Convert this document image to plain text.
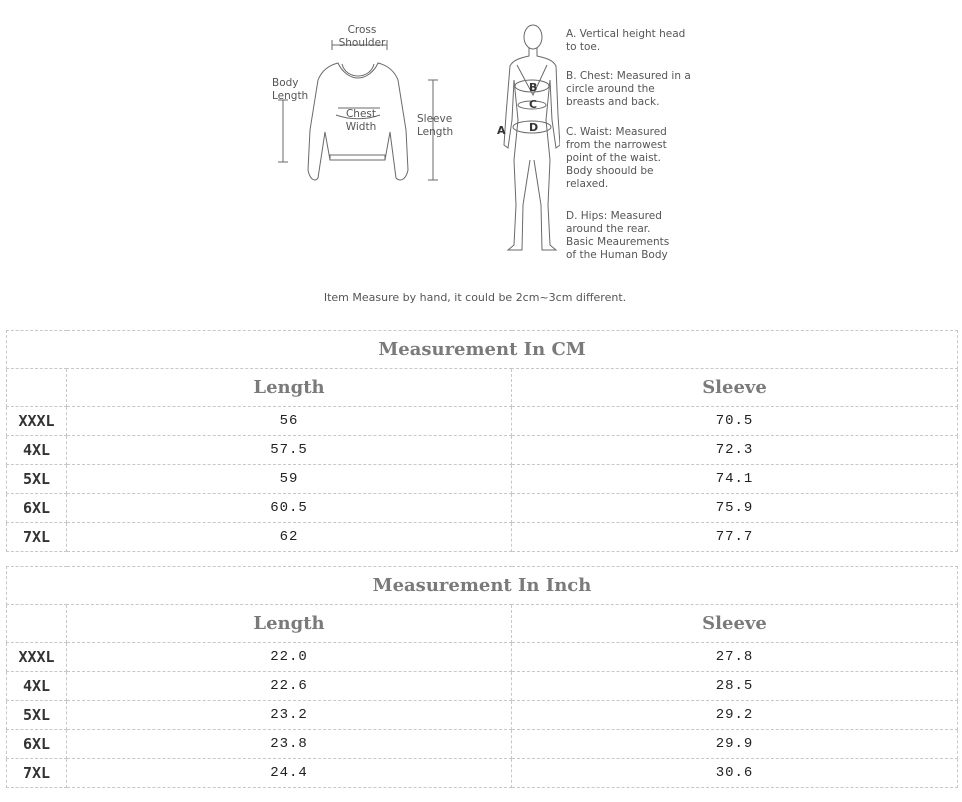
Cross
Shoulder
Body
Length
Chest
Width
Sleeve
Length	A
B
C
D
A. Vertical height head
to toe.
B. Chest: Measured in a
circle around the
breasts and back.
C. Waist: Measured
from the narrowest
point of the waist.
Body shoould be
relaxed.
D. Hips: Measured
around the rear.
Basic Meaurements
of the Human Body
Item Measure by hand, it could be 2cm~3cm different.
Measurement In CM		
	Length	Sleeve
XXXL	56	70.5
4XL	57.5	72.3
5XL	59	74.1
6XL	60.5	75.9
7XL	62	77.7
Measurement In Inch		
	Length	Sleeve
XXXL	22.0	27.8
4XL	22.6	28.5
5XL	23.2	29.2
6XL	23.8	29.9
7XL	24.4	30.6
